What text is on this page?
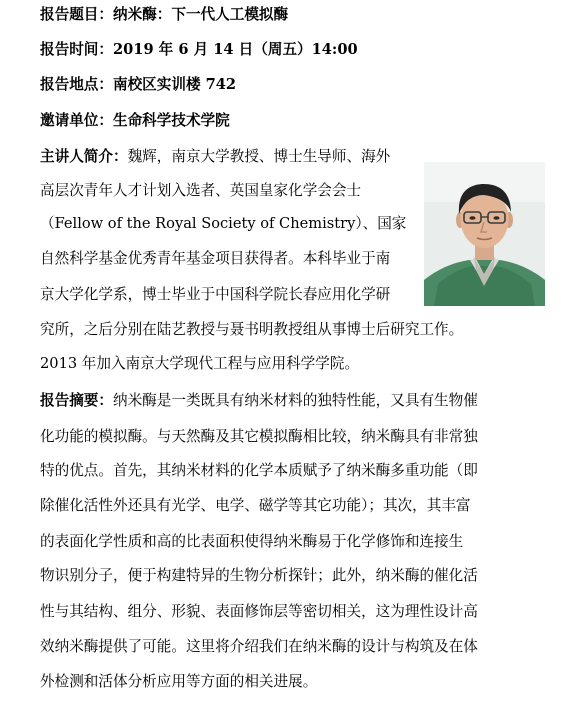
报告题目：纳米酶：下一代人工模拟酶
报告时间：2019 年 6 月 14 日（周五）14:00
报告地点：南校区实训楼 742
邀请单位：生命科学技术学院
主讲人简介：魏辉，南京大学教授、博士生导师、海外
高层次青年人才计划入选者、英国皇家化学会会士
（Fellow of the Royal Society of Chemistry）、国家
自然科学基金优秀青年基金项目获得者。本科毕业于南
京大学化学系，博士毕业于中国科学院长春应用化学研
究所，之后分别在陆艺教授与聂书明教授组从事博士后研究工作。
2013 年加入南京大学现代工程与应用科学学院。
报告摘要：纳米酶是一类既具有纳米材料的独特性能，又具有生物催
化功能的模拟酶。与天然酶及其它模拟酶相比较，纳米酶具有非常独
特的优点。首先，其纳米材料的化学本质赋予了纳米酶多重功能（即
除催化活性外还具有光学、电学、磁学等其它功能）；其次，其丰富
的表面化学性质和高的比表面积使得纳米酶易于化学修饰和连接生
物识别分子，便于构建特异的生物分析探针；此外，纳米酶的催化活
性与其结构、组分、形貌、表面修饰层等密切相关，这为理性设计高
效纳米酶提供了可能。这里将介绍我们在纳米酶的设计与构筑及在体
外检测和活体分析应用等方面的相关进展。
